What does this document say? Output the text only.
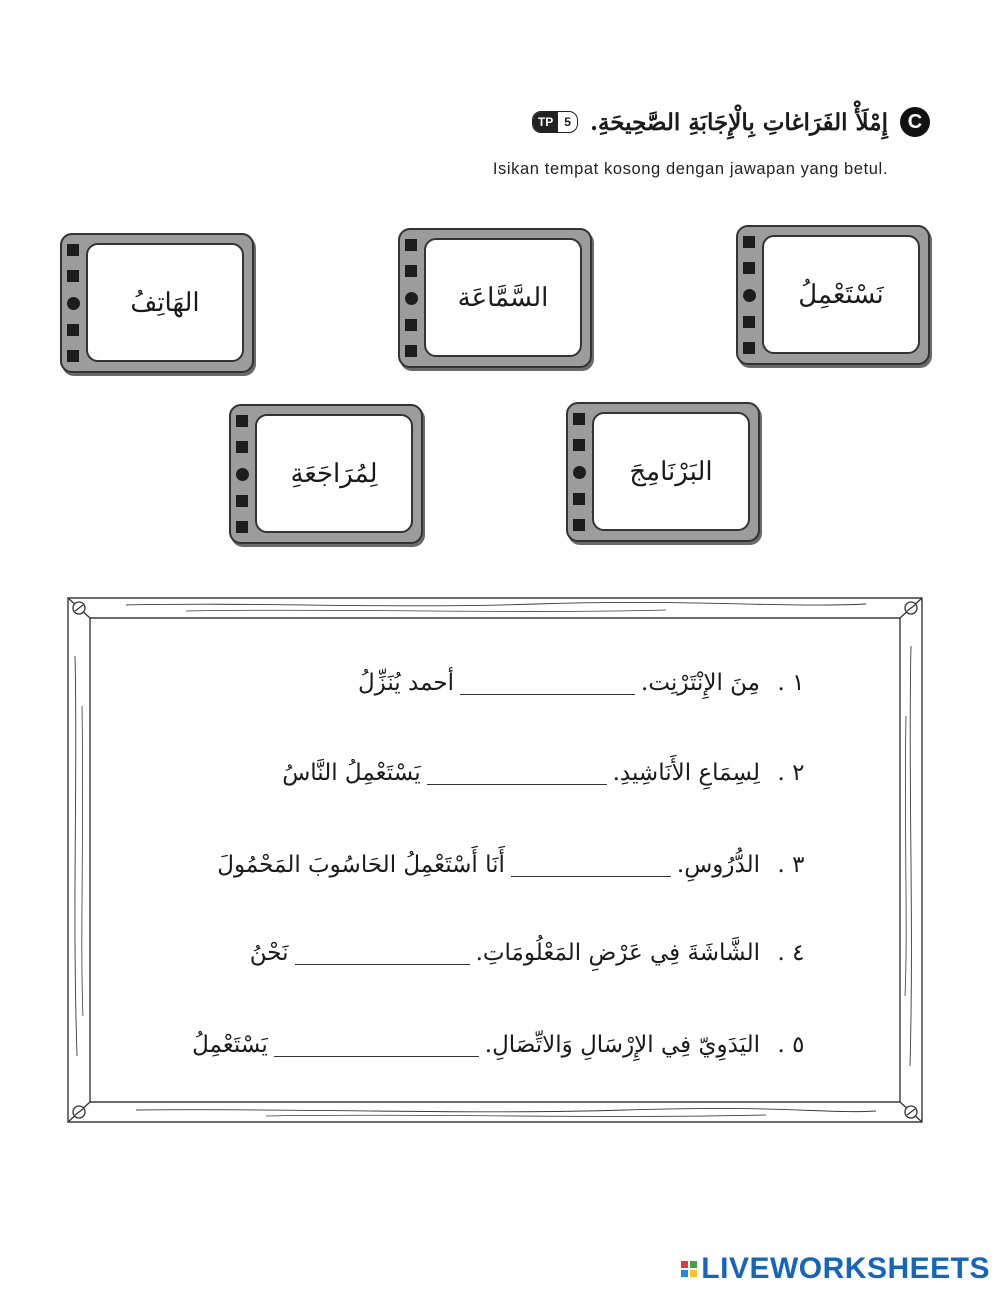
C
إِمْلَأْ الفَرَاغاتِ بِالْإِجَابَةِ الصَّحِيحَةِ.
TP 5
Isikan tempat kosong dengan jawapan yang betul.
نَسْتَعْمِلُ
السَّمَّاعَة
الهَاتِفُ
البَرْنَامِجَ
لِمُرَاجَعَةِ
١ .
أحمد يُنَزِّلُ	مِنَ الإِنْتَرْنِت.
٢ .
يَسْتَعْمِلُ النَّاسُ	لِسِمَاعِ الأَنَاشِيدِ.
٣ .
أَنَا أَسْتَعْمِلُ الحَاسُوبَ المَحْمُولَ	الدُّرُوسِ.
٤ .
نَحْنُ	الشَّاشَةَ فِي عَرْضِ المَعْلُومَاتِ.
٥ .
يَسْتَعْمِلُ	اليَدَوِيّ فِي الإِرْسَالِ وَالاتِّصَالِ.
LIVEWORKSHEETS
